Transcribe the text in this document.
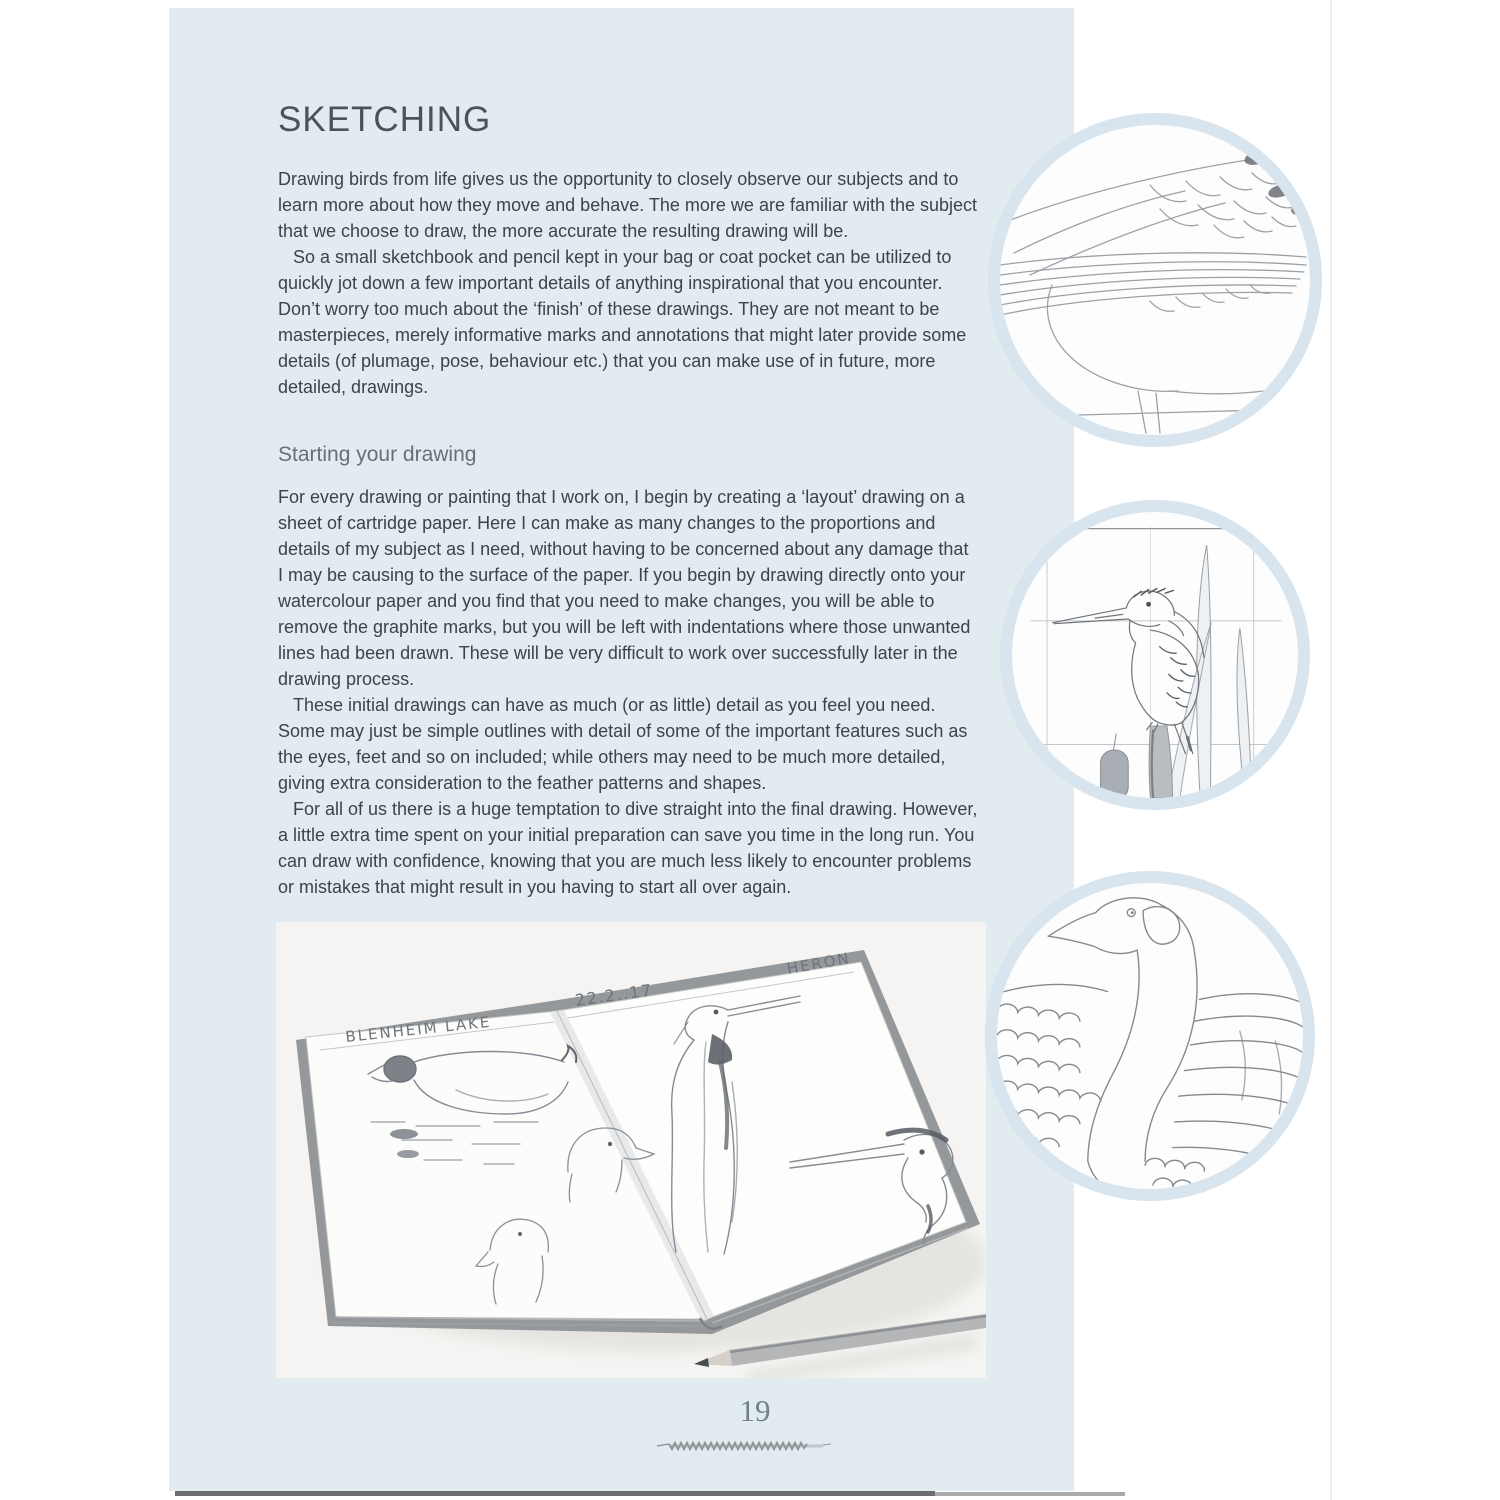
SKETCHING

Drawing birds from life gives us the opportunity to closely observe our subjects and to learn more about how they move and behave. The more we are familiar with the subject that we choose to draw, the more accurate the resulting drawing will be.

So a small sketchbook and pencil kept in your bag or coat pocket can be utilized to quickly jot down a few important details of anything inspirational that you encounter. Don’t worry too much about the ‘finish’ of these drawings. They are not meant to be masterpieces, merely informative marks and annotations that might later provide some details (of plumage, pose, behaviour etc.) that you can make use of in future, more detailed, drawings.

Starting your drawing

For every drawing or painting that I work on, I begin by creating a ‘layout’ drawing on a sheet of cartridge paper. Here I can make as many changes to the proportions and details of my subject as I need, without having to be concerned about any damage that I may be causing to the surface of the paper. If you begin by drawing directly onto your watercolour paper and you find that you need to make changes, you will be able to remove the graphite marks, but you will be left with indentations where those unwanted lines had been drawn. These will be very difficult to work over successfully later in the drawing process.

These initial drawings can have as much (or as little) detail as you feel you need. Some may just be simple outlines with detail of some of the important features such as the eyes, feet and so on included; while others may need to be much more detailed, giving extra consideration to the feather patterns and shapes.

For all of us there is a huge temptation to dive straight into the final drawing. However, a little extra time spent on your initial preparation can save you time in the long run. You can draw with confidence, knowing that you are much less likely to encounter problems or mistakes that might result in you having to start all over again.

BLENHEIM LAKE
22.2..17
HERON

19
